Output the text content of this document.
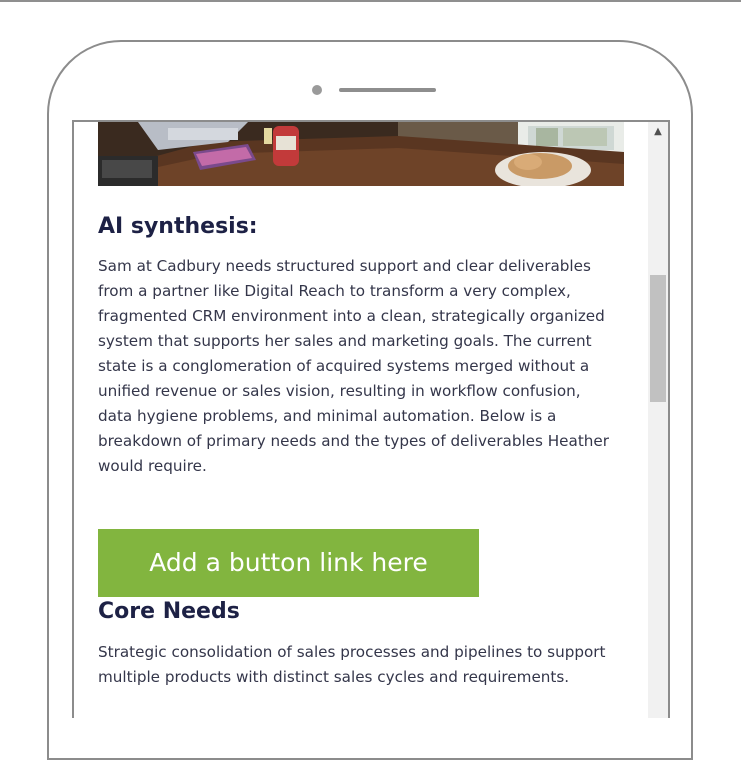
AI synthesis:

Sam at Cadbury needs structured support and clear deliverables from a partner like Digital Reach to transform a very complex, fragmented CRM environment into a clean, strategically organized system that supports her sales and marketing goals. The current state is a conglomeration of acquired systems merged without a unified revenue or sales vision, resulting in workflow confusion, data hygiene problems, and minimal automation. Below is a breakdown of primary needs and the types of deliverables Heather would require.

Add a button link here
Core Needs

Strategic consolidation of sales processes and pipelines to support multiple products with distinct sales cycles and requirements.

▲
